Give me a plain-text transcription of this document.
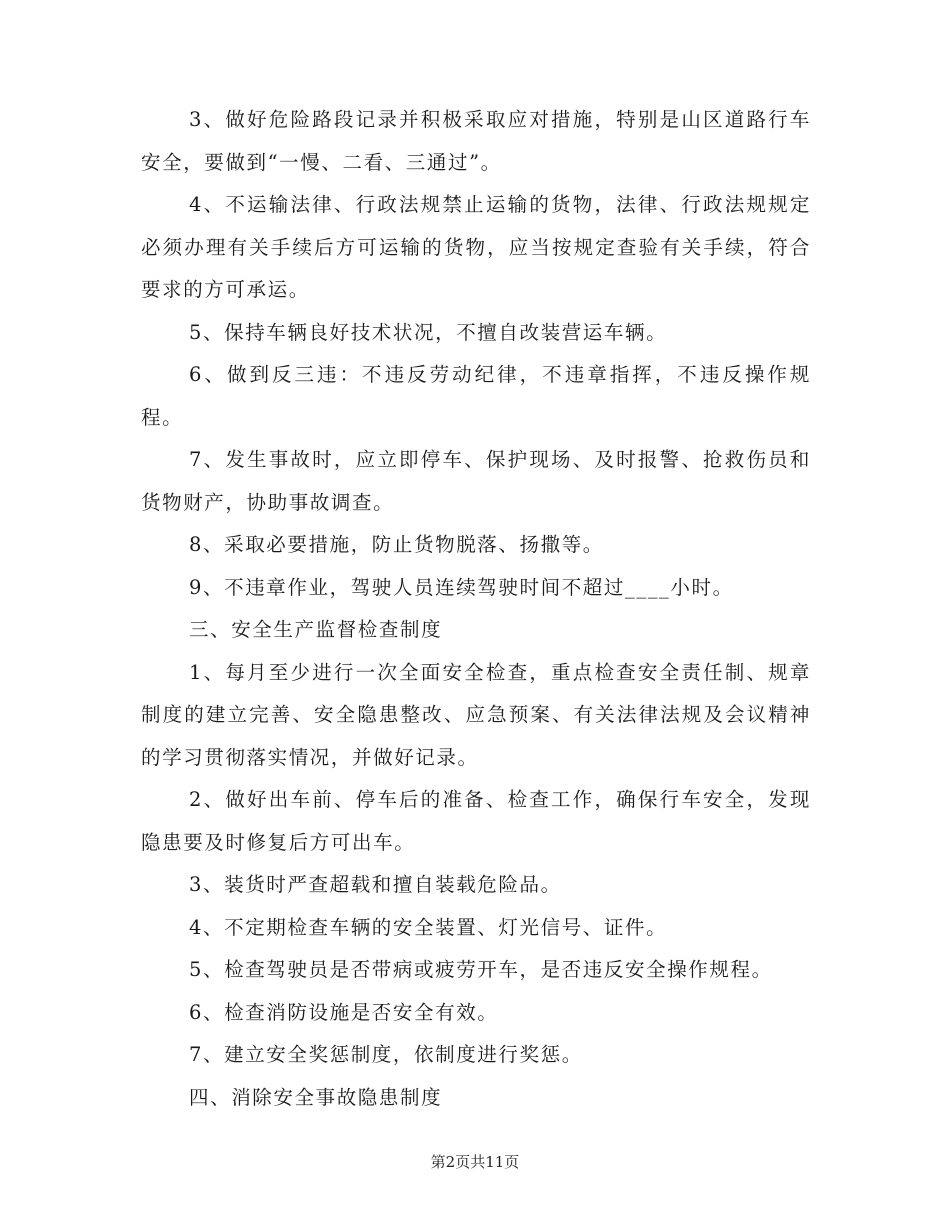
3、做好危险路段记录并积极采取应对措施，特别是山区道路行车安全，要做到“一慢、二看、三通过”。

4、不运输法律、行政法规禁止运输的货物，法律、行政法规规定必须办理有关手续后方可运输的货物，应当按规定查验有关手续，符合要求的方可承运。

5、保持车辆良好技术状况，不擅自改装营运车辆。

6、做到反三违：不违反劳动纪律，不违章指挥，不违反操作规程。

7、发生事故时，应立即停车、保护现场、及时报警、抢救伤员和货物财产，协助事故调查。

8、采取必要措施，防止货物脱落、扬撒等。

9、不违章作业，驾驶人员连续驾驶时间不超过____小时。

三、安全生产监督检查制度

1、每月至少进行一次全面安全检查，重点检查安全责任制、规章制度的建立完善、安全隐患整改、应急预案、有关法律法规及会议精神的学习贯彻落实情况，并做好记录。

2、做好出车前、停车后的准备、检查工作，确保行车安全，发现隐患要及时修复后方可出车。

3、装货时严查超载和擅自装载危险品。

4、不定期检查车辆的安全装置、灯光信号、证件。

5、检查驾驶员是否带病或疲劳开车，是否违反安全操作规程。

6、检查消防设施是否安全有效。

7、建立安全奖惩制度，依制度进行奖惩。

四、消除安全事故隐患制度

第2页共11页
